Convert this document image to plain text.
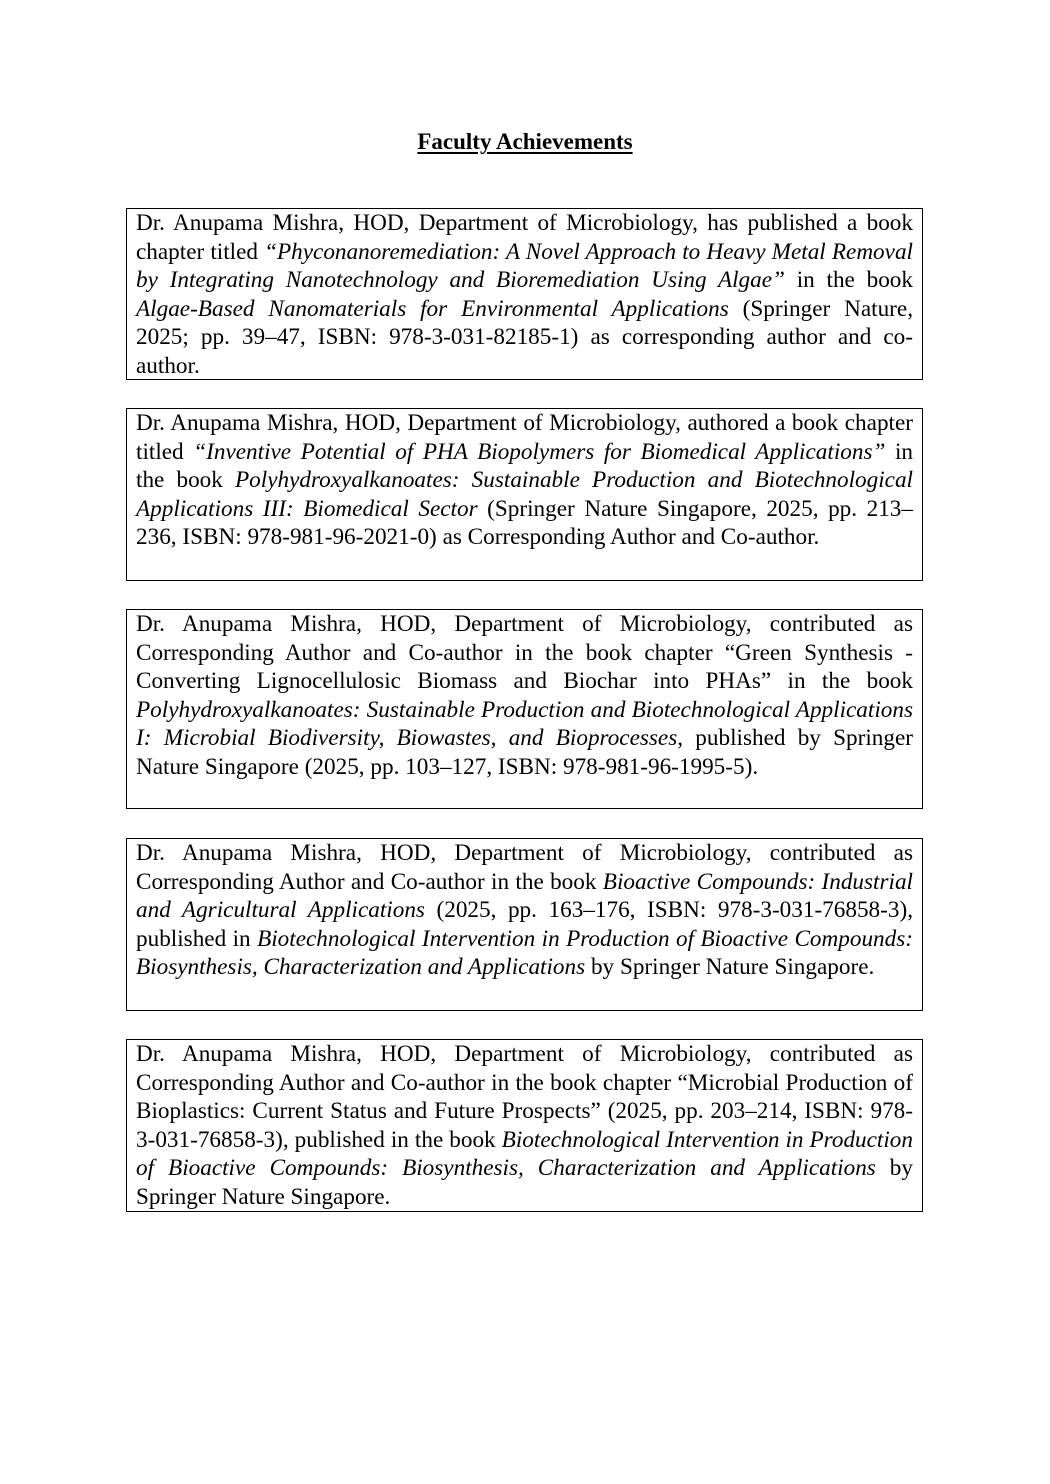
Faculty Achievements

Dr. Anupama Mishra, HOD, Department of Microbiology, has published a book chapter titled “Phyconanoremediation: A Novel Approach to Heavy Metal Removal by Integrating Nanotechnology and Bioremediation Using Algae” in the book Algae-Based Nanomaterials for Environmental Applications (Springer Nature, 2025; pp. 39–47, ISBN: 978-3-031-82185-1) as corresponding author and co-author.

Dr. Anupama Mishra, HOD, Department of Microbiology, authored a book chapter titled “Inventive Potential of PHA Biopolymers for Biomedical Applications” in the book Polyhydroxyalkanoates: Sustainable Production and Biotechnological Applications III: Biomedical Sector (Springer Nature Singapore, 2025, pp. 213–236, ISBN: 978-981-96-2021-0) as Corresponding Author and Co-author.

Dr. Anupama Mishra, HOD, Department of Microbiology, contributed as Corresponding Author and Co-author in the book chapter “Green Synthesis - Converting Lignocellulosic Biomass and Biochar into PHAs” in the book Polyhydroxyalkanoates: Sustainable Production and Biotechnological Applications I: Microbial Biodiversity, Biowastes, and Bioprocesses, published by Springer Nature Singapore (2025, pp. 103–127, ISBN: 978-981-96-1995-5).

Dr. Anupama Mishra, HOD, Department of Microbiology, contributed as Corresponding Author and Co-author in the book Bioactive Compounds: Industrial and Agricultural Applications (2025, pp. 163–176, ISBN: 978-3-031-76858-3), published in Biotechnological Intervention in Production of Bioactive Compounds: Biosynthesis, Characterization and Applications by Springer Nature Singapore.

Dr. Anupama Mishra, HOD, Department of Microbiology, contributed as Corresponding Author and Co-author in the book chapter “Microbial Production of Bioplastics: Current Status and Future Prospects” (2025, pp. 203–214, ISBN: 978-3-031-76858-3), published in the book Biotechnological Intervention in Production of Bioactive Compounds: Biosynthesis, Characterization and Applications by Springer Nature Singapore.
